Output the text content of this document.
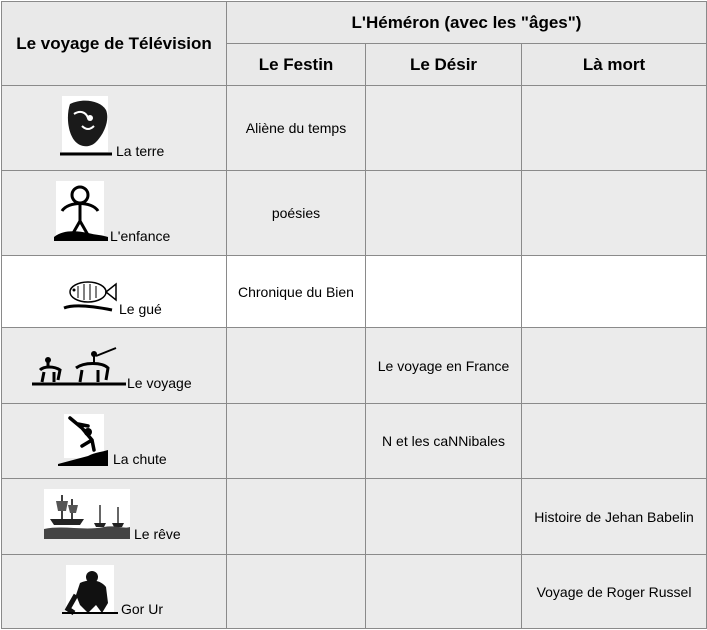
Le voyage de Télévision	L'Héméron (avec les "âges")		
	Le Festin	Le Désir	Là mort

La terre	Aliène du temps		

L'enfance	poésies		

Le gué	Chronique du Bien		

Le voyage		Le voyage en France	

La chute		N et les caNNibales	

Le rêve			Histoire de Jehan Babelin

Gor Ur			Voyage de Roger Russel
